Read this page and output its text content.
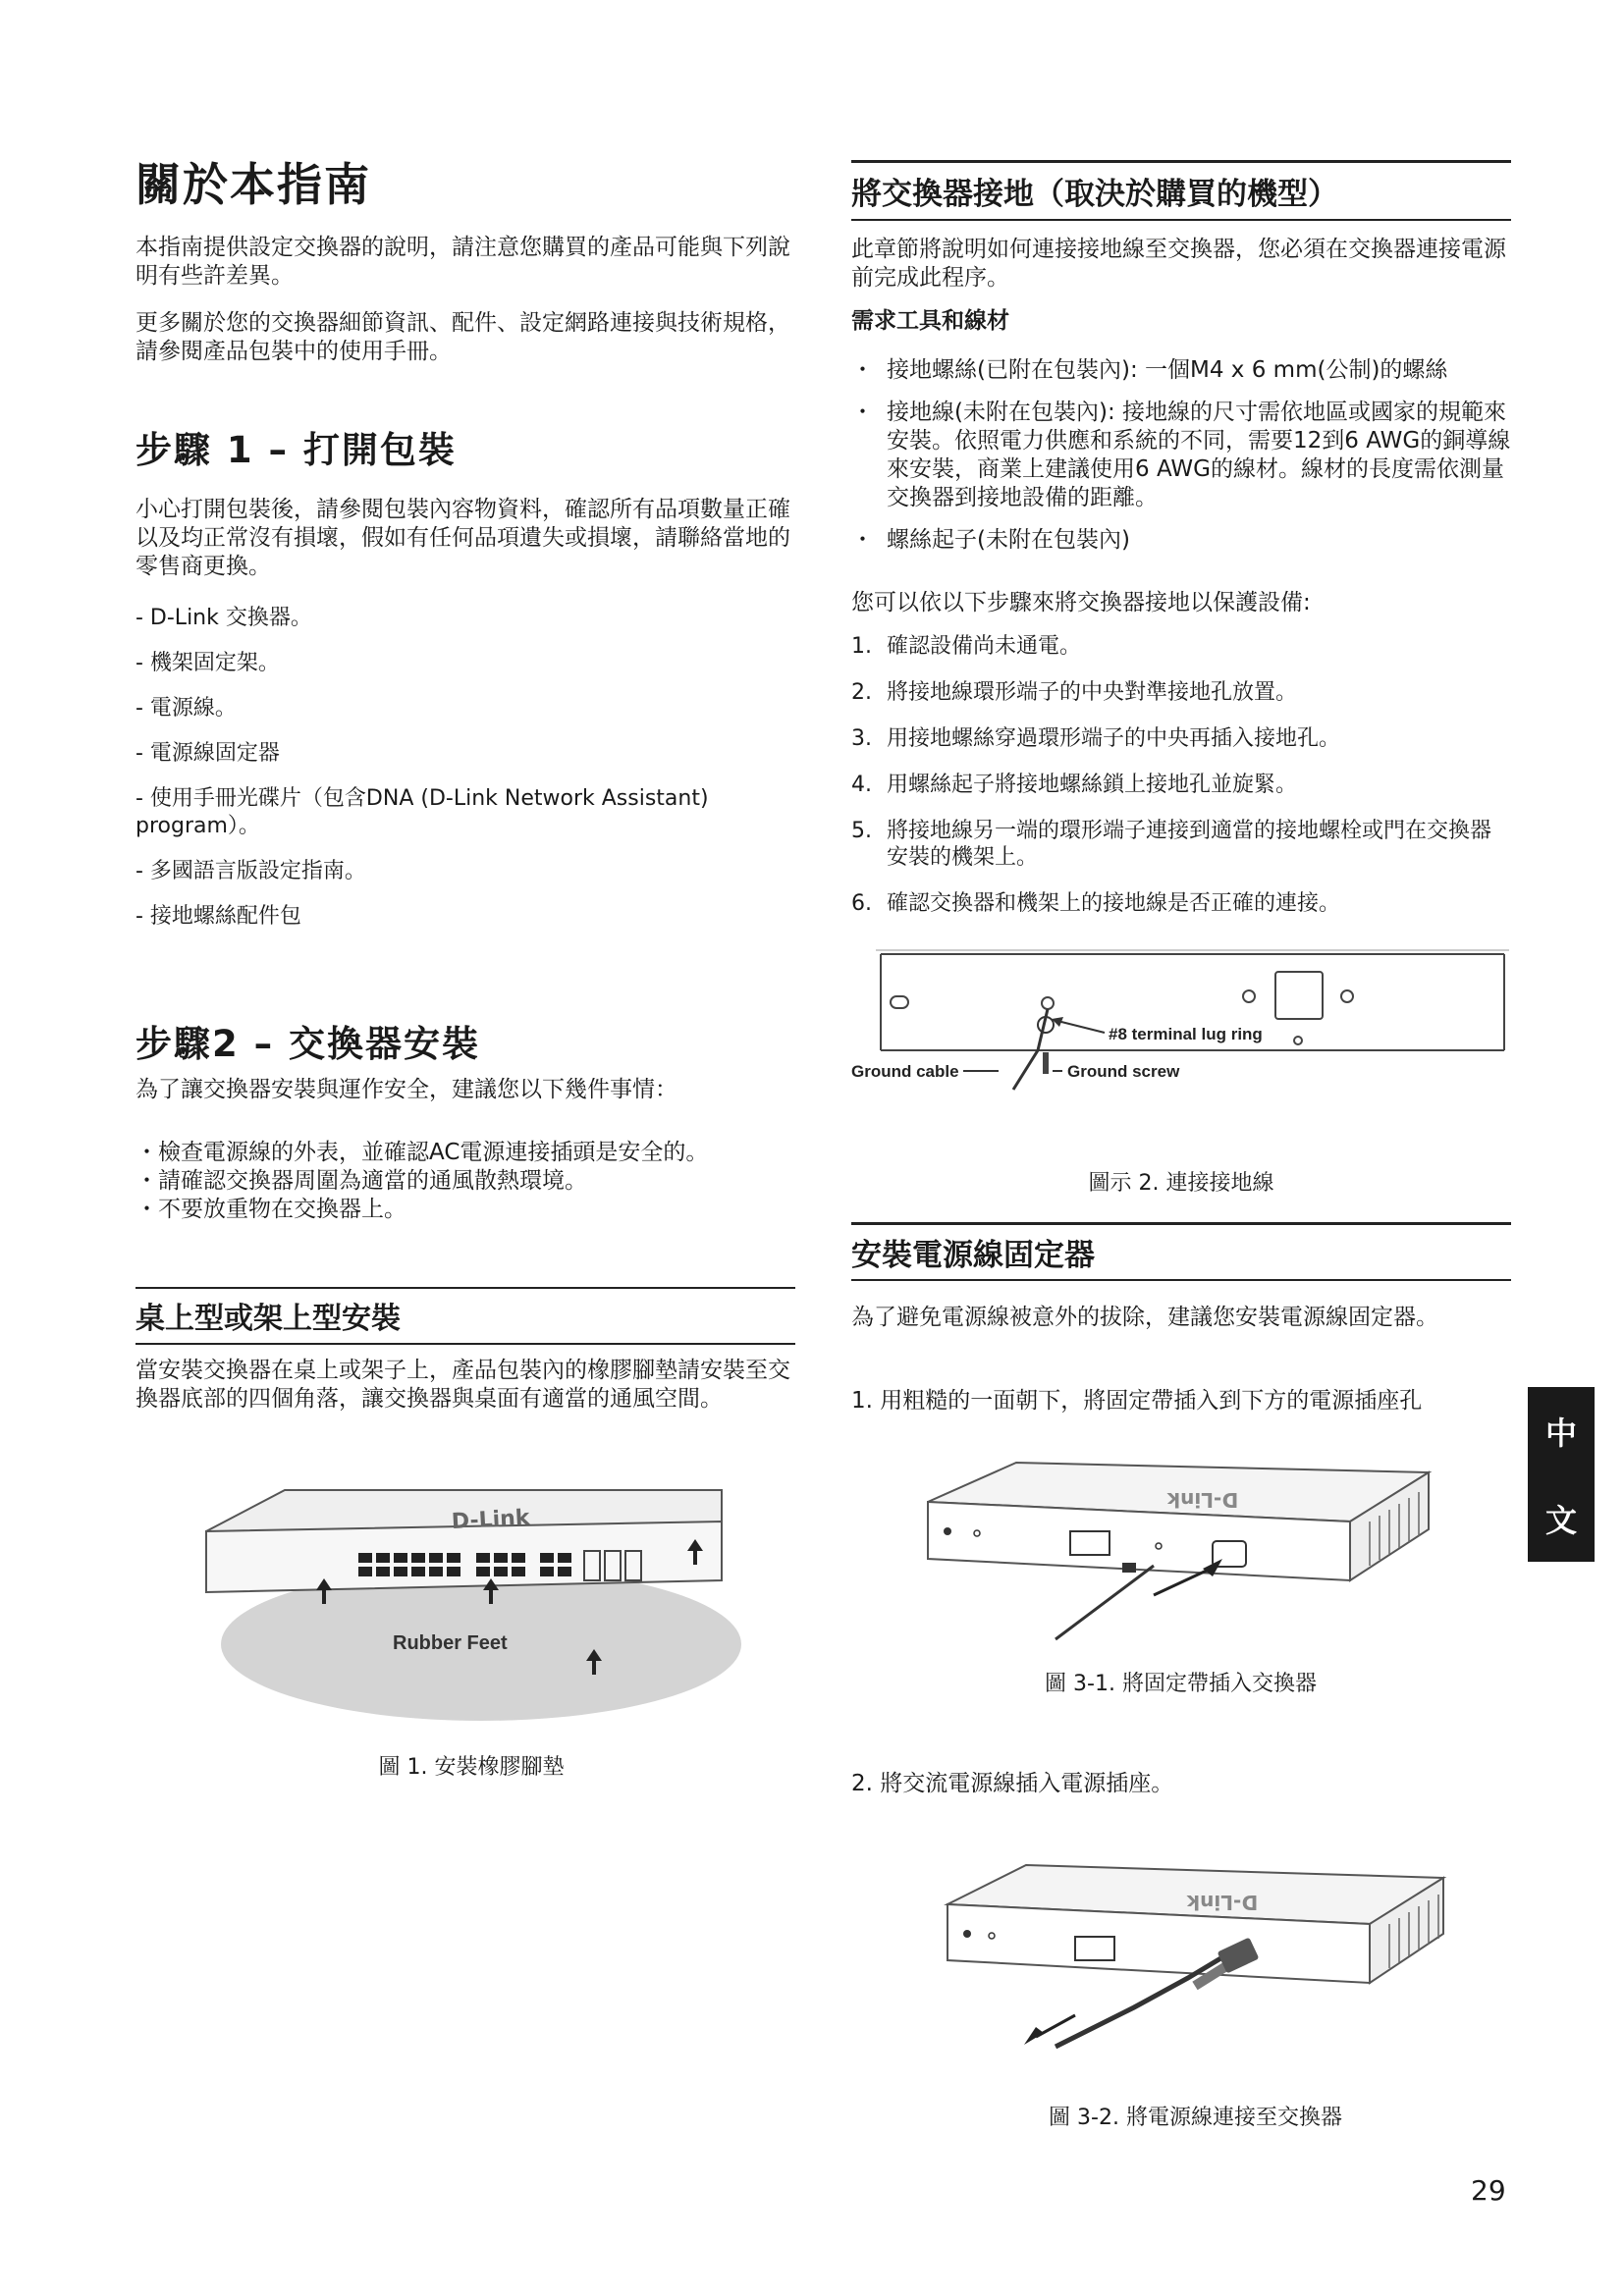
關於本指南

本指南提供設定交換器的說明，請注意您購買的產品可能與下列說明有些許差異。

更多關於您的交換器細節資訊、配件、設定網路連接與技術規格，請參閱產品包裝中的使用手冊。

步驟 1 – 打開包裝

小心打開包裝後，請參閱包裝內容物資料，確認所有品項數量正確以及均正常沒有損壞，假如有任何品項遺失或損壞，請聯絡當地的零售商更換。

- D-Link 交換器。
- 機架固定架。
- 電源線。
- 電源線固定器
- 使用手冊光碟片（包含DNA (D-Link Network Assistant) program）。
- 多國語言版設定指南。
- 接地螺絲配件包
步驟2 – 交換器安裝

為了讓交換器安裝與運作安全，建議您以下幾件事情：

・檢查電源線的外表，並確認AC電源連接插頭是安全的。

・請確認交換器周圍為適當的通風散熱環境。

・不要放重物在交換器上。

桌上型或架上型安裝

當安裝交換器在桌上或架子上，產品包裝內的橡膠腳墊請安裝至交換器底部的四個角落，讓交換器與桌面有適當的通風空間。

D-Link
Rubber Feet
圖 1. 安裝橡膠腳墊
將交換器接地（取決於購買的機型）

此章節將說明如何連接接地線至交換器，您必須在交換器連接電源前完成此程序。

需求工具和線材

・ 接地螺絲(已附在包裝內): 一個M4 x 6 mm(公制)的螺絲
・ 接地線(未附在包裝內): 接地線的尺寸需依地區或國家的規範來安裝。依照電力供應和系統的不同，需要12到6 AWG的銅導線來安裝，商業上建議使用6 AWG的線材。線材的長度需依測量交換器到接地設備的距離。
・ 螺絲起子(未附在包裝內)

您可以依以下步驟來將交換器接地以保護設備:

1. 確認設備尚未通電。
2. 將接地線環形端子的中央對準接地孔放置。
3. 用接地螺絲穿過環形端子的中央再插入接地孔。
4. 用螺絲起子將接地螺絲鎖上接地孔並旋緊。
5. 將接地線另一端的環形端子連接到適當的接地螺栓或門在交換器安裝的機架上。
6. 確認交換器和機架上的接地線是否正確的連接。
#8 terminal lug ring
Ground cable	Ground screw
圖示 2. 連接接地線
安裝電源線固定器

為了避免電源線被意外的拔除，建議您安裝電源線固定器。

1. 用粗糙的一面朝下，將固定帶插入到下方的電源插座孔

D-Link
圖 3-1. 將固定帶插入交換器

2. 將交流電源線插入電源插座。

D-Link
圖 3-2. 將電源線連接至交換器
中
文
29
